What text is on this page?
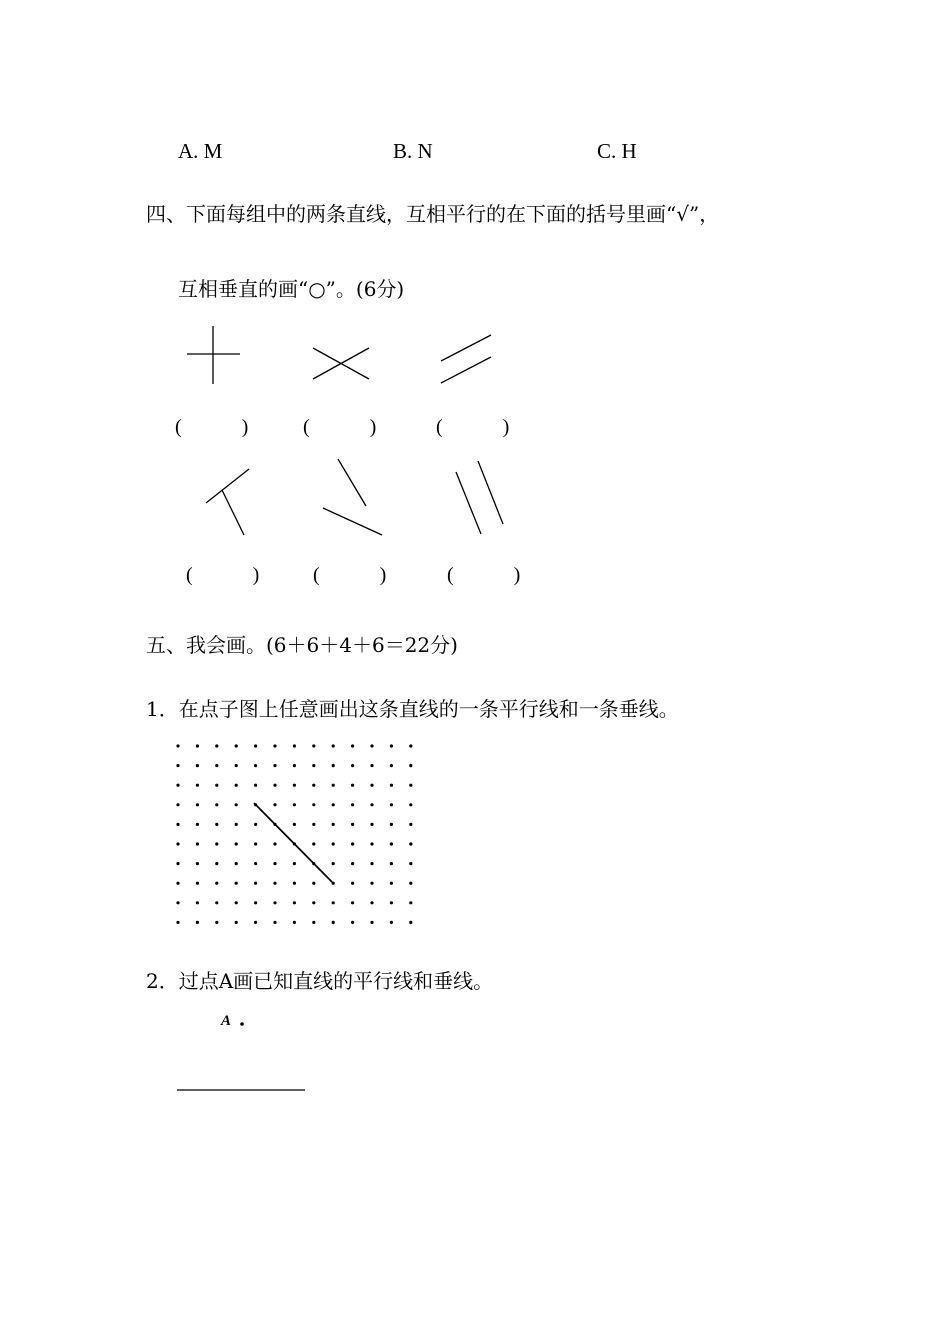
A. M	B. N	C. H
四、下面每组中的两条直线，互相平行的在下面的括号里画“√”，
互相垂直的画“○”。(6分)
(　　　)	(　　　)	(　　　)
(　　　)	(　　　)	(　　　)
五、我会画。(6＋6＋4＋6＝22分)
1．在点子图上任意画出这条直线的一条平行线和一条垂线。
2．过点A画已知直线的平行线和垂线。
A
